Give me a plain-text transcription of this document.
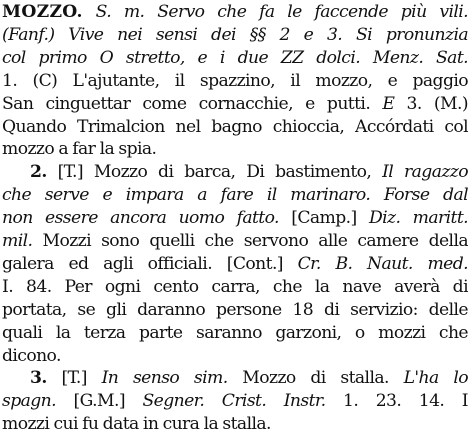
MOZZO. S. m. Servo che fa le faccende più vili.
(Fanf.) Vive nei sensi dei §§ 2 e 3. Si pronunzia
col primo O stretto, e i due ZZ dolci. Menz. Sat.
1. (C) L'ajutante, il spazzino, il mozzo, e paggio
San cinguettar come cornacchie, e putti. E 3. (M.)
Quando Trimalcion nel bagno chioccia, Accórdati col
mozzo a far la spia.
2. [T.] Mozzo di barca, Di bastimento, Il ragazzo
che serve e impara a fare il marinaro. Forse dal
non essere ancora uomo fatto. [Camp.] Diz. maritt.
mil. Mozzi sono quelli che servono alle camere della
galera ed agli officiali. [Cont.] Cr. B. Naut. med.
I. 84. Per ogni cento carra, che la nave averà di
portata, se gli daranno persone 18 di servizio: delle
quali la terza parte saranno garzoni, o mozzi che
dicono.
3. [T.] In senso sim. Mozzo di stalla. L'ha lo
spagn. [G.M.] Segner. Crist. Instr. 1. 23. 14. I
mozzi cui fu data in cura la stalla.
